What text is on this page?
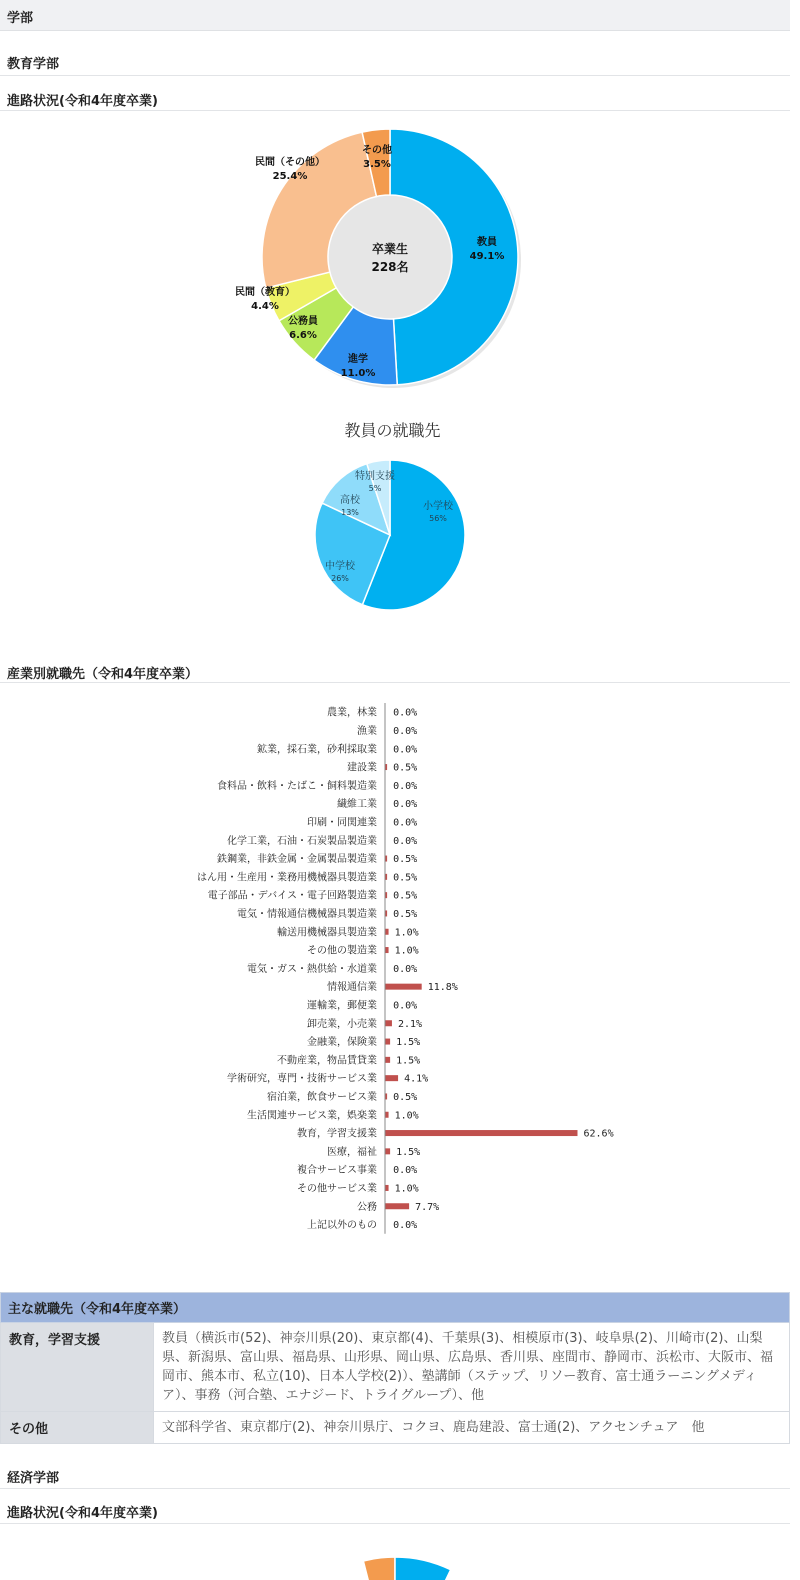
学部
教育学部
進路状況(令和4年度卒業)
教員
49.1%
進学
11.0%
公務員
6.6%
民間（教育）
4.4%
民間（その他）
25.4%
その他
3.5%
卒業生
228名
教員の就職先
小学校
56%
中学校
26%
高校
13%
特別支援
5%
産業別就職先（令和4年度卒業）
農業，林業 0.0%
漁業 0.0%
鉱業，採石業，砂利採取業 0.0%
建設業 0.5%
食料品・飲料・たばこ・飼料製造業 0.0%
繊維工業 0.0%
印刷・同関連業 0.0%
化学工業，石油・石炭製品製造業 0.0%
鉄鋼業，非鉄金属・金属製品製造業 0.5%
はん用・生産用・業務用機械器具製造業 0.5%
電子部品・デバイス・電子回路製造業 0.5%
電気・情報通信機械器具製造業 0.5%
輸送用機械器具製造業 1.0%
その他の製造業 1.0%
電気・ガス・熱供給・水道業 0.0%
情報通信業	11.8%
運輸業，郵便業 0.0%
卸売業，小売業 2.1%
金融業，保険業 1.5%
不動産業，物品賃貸業 1.5%
学術研究，専門・技術サービス業	4.1%
宿泊業，飲食サービス業 0.5%
生活関連サービス業，娯楽業 1.0%
教育，学習支援業	62.6%
医療，福祉 1.5%
複合サービス事業 0.0%
その他サービス業 1.0%
公務	7.7%
上記以外のもの 0.0%
主な就職先（令和4年度卒業）	
教育，学習支援	教員（横浜市(52)、神奈川県(20)、東京都(4)、千葉県(3)、相模原市(3)、岐阜県(2)、川崎市(2)、山梨県、新潟県、富山県、福島県、山形県、岡山県、広島県、香川県、座間市、静岡市、浜松市、大阪市、福岡市、熊本市、私立(10)、日本人学校(2)）、塾講師（ステップ、リソー教育、富士通ラーニングメディア）、事務（河合塾、エナジード、トライグループ）、他
その他	文部科学省、東京都庁(2)、神奈川県庁、コクヨ、鹿島建設、富士通(2)、アクセンチュア　他
経済学部
進路状況(令和4年度卒業)
